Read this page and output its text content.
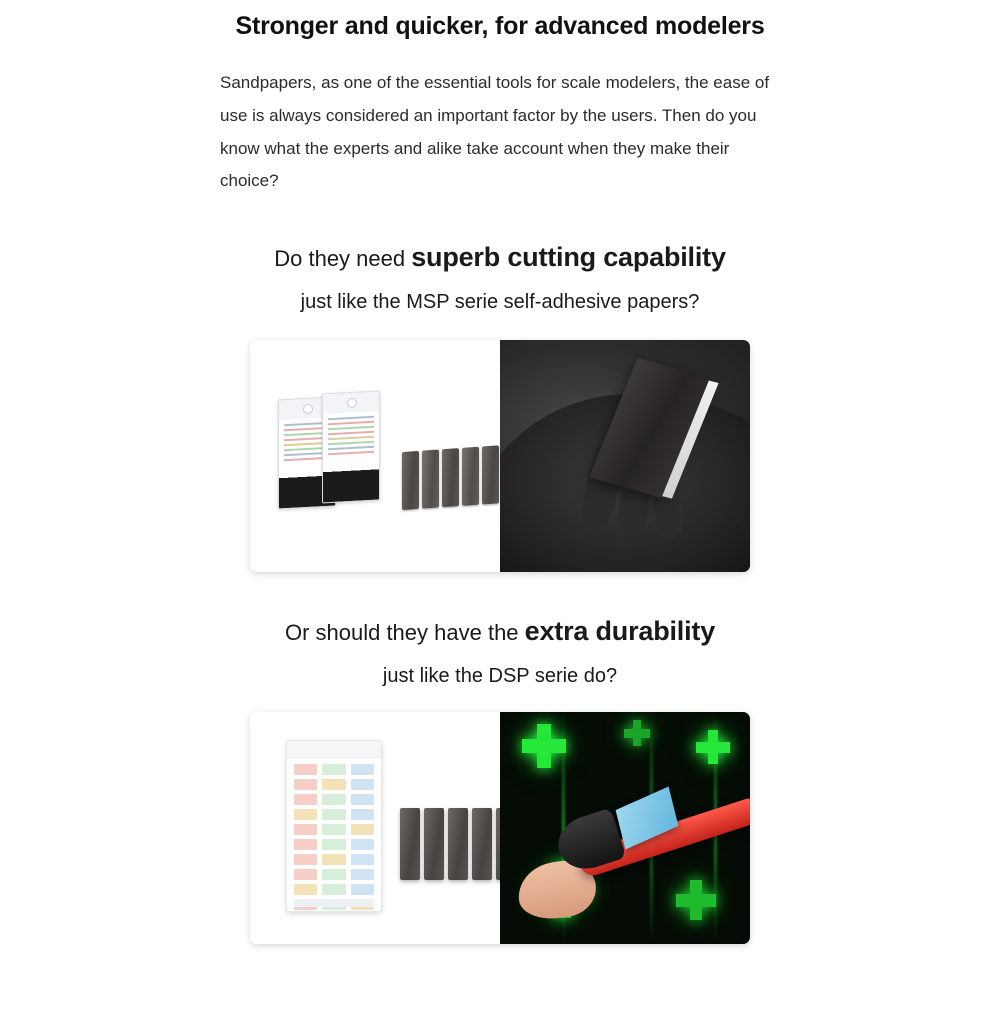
Stronger and quicker, for advanced modelers

Sandpapers, as one of the essential tools for scale modelers, the ease of use is always considered an important factor by the users. Then do you know what the experts and alike take account when they make their choice?

Do they need superb cutting capability
just like the MSP serie self-adhesive papers?
Or should they have the extra durability
just like the DSP serie do?
